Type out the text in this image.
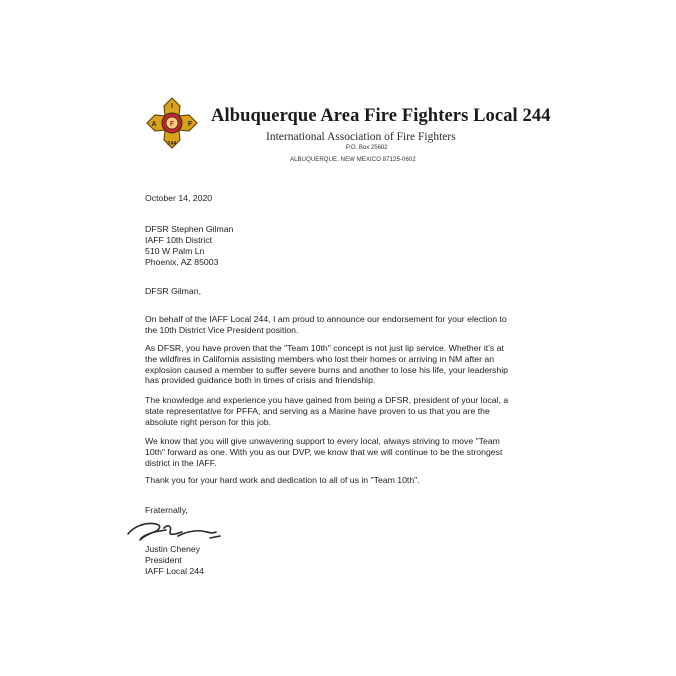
I
A	F
F
244
Albuquerque Area Fire Fighters Local 244
International Association of Fire Fighters
P.O. Box 25602
ALBUQUERQUE, NEW MEXICO 87125-0602
October 14, 2020
DFSR Stephen Gilman
IAFF 10th District
510 W Palm Ln
Phoenix, AZ 85003
DFSR Gilman,
On behalf of the IAFF Local 244, I am proud to announce our endorsement for your election to
the 10th District Vice President position.
As DFSR, you have proven that the "Team 10th" concept is not just lip service. Whether it's at
the wildfires in California assisting members who lost their homes or arriving in NM after an
explosion caused a member to suffer severe burns and another to lose his life, your leadership
has provided guidance both in times of crisis and friendship.
The knowledge and experience you have gained from being a DFSR, president of your local, a
state representative for PFFA, and serving as a Marine have proven to us that you are the
absolute right person for this job.
We know that you will give unwavering support to every local, always striving to move "Team
10th" forward as one. With you as our DVP, we know that we will continue to be the strongest
district in the IAFF.
Thank you for your hard work and dedication to all of us in "Team 10th".
Fraternally,
Justin Cheney
President
IAFF Local 244
